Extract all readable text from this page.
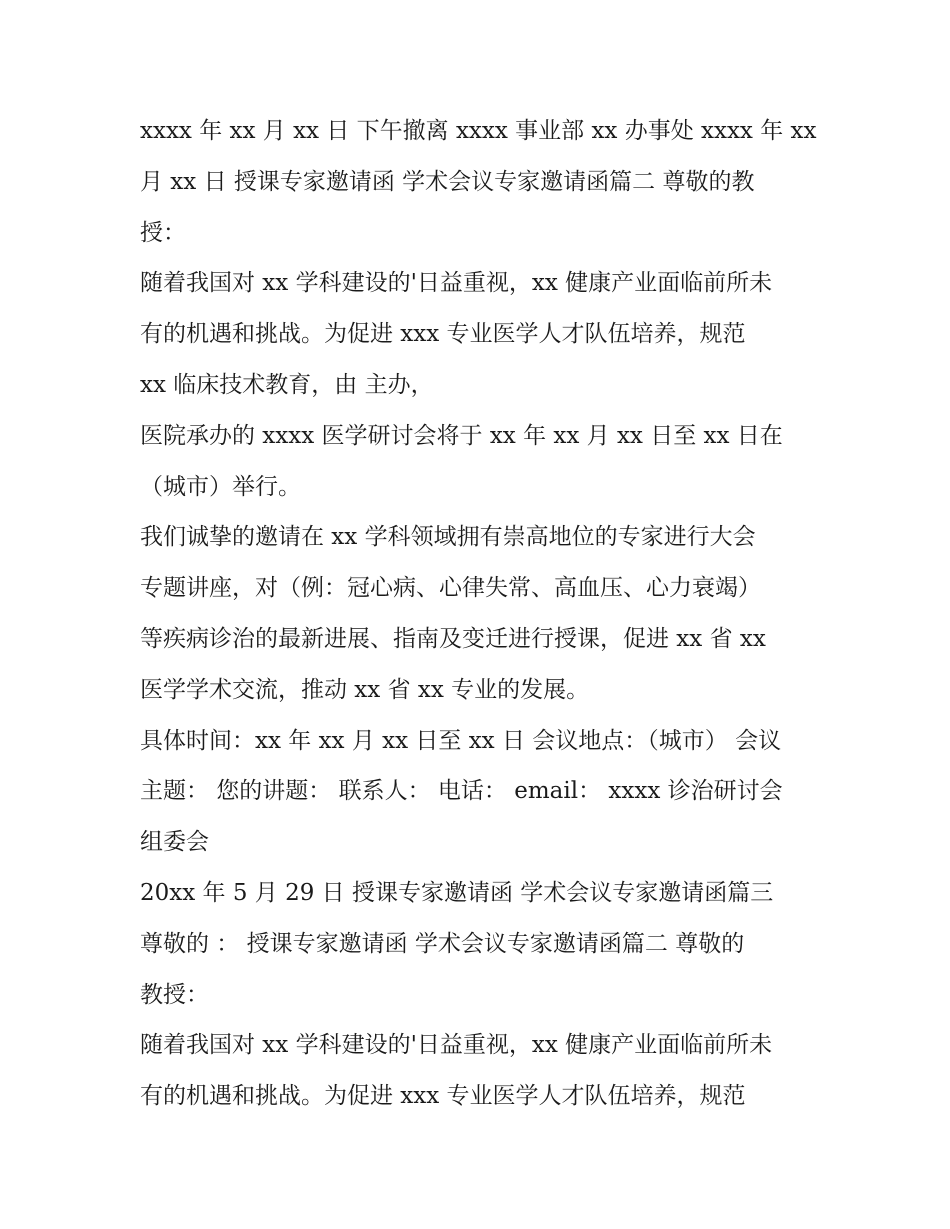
xxxx 年 xx 月 xx 日 下午撤离 xxxx 事业部 xx 办事处 xxxx 年 xx
月 xx 日 授课专家邀请函 学术会议专家邀请函篇二 尊敬的教
授：
随着我国对 xx 学科建设的'日益重视，xx 健康产业面临前所未
有的机遇和挑战。为促进 xxx 专业医学人才队伍培养，规范
xx 临床技术教育，由 主办，
医院承办的 xxxx 医学研讨会将于 xx 年 xx 月 xx 日至 xx 日在
（城市）举行。
我们诚挚的邀请在 xx 学科领域拥有崇高地位的专家进行大会
专题讲座，对（例：冠心病、心律失常、高血压、心力衰竭）
等疾病诊治的最新进展、指南及变迁进行授课，促进 xx 省 xx
医学学术交流，推动 xx 省 xx 专业的发展。
具体时间：xx 年 xx 月 xx 日至 xx 日 会议地点：（城市） 会议
主题： 您的讲题： 联系人： 电话： email： xxxx 诊治研讨会
组委会
20xx 年 5 月 29 日 授课专家邀请函 学术会议专家邀请函篇三
尊敬的 ： 授课专家邀请函 学术会议专家邀请函篇二 尊敬的
教授：
随着我国对 xx 学科建设的'日益重视，xx 健康产业面临前所未
有的机遇和挑战。为促进 xxx 专业医学人才队伍培养，规范
